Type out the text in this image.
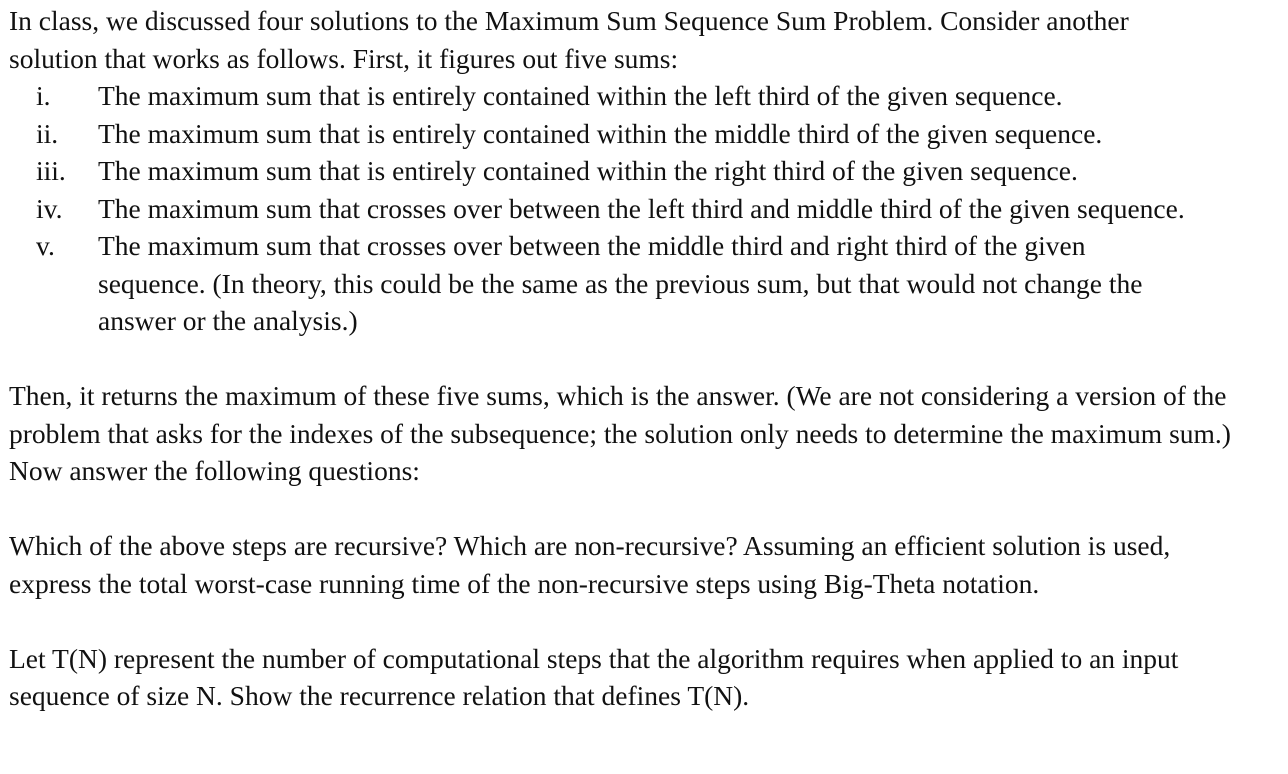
In class, we discussed four solutions to the Maximum Sum Sequence Sum Problem. Consider another solution that works as follows. First, it figures out five sums:

i. The maximum sum that is entirely contained within the left third of the given sequence.
ii. The maximum sum that is entirely contained within the middle third of the given sequence.
iii. The maximum sum that is entirely contained within the right third of the given sequence.
iv. The maximum sum that crosses over between the left third and middle third of the given sequence.
v. The maximum sum that crosses over between the middle third and right third of the given sequence. (In theory, this could be the same as the previous sum, but that would not change the answer or the analysis.)

Then, it returns the maximum of these five sums, which is the answer. (We are not considering a version of the problem that asks for the indexes of the subsequence; the solution only needs to determine the maximum sum.) Now answer the following questions:

Which of the above steps are recursive? Which are non-recursive? Assuming an efficient solution is used, express the total worst-case running time of the non-recursive steps using Big-Theta notation.

Let T(N) represent the number of computational steps that the algorithm requires when applied to an input sequence of size N. Show the recurrence relation that defines T(N).
